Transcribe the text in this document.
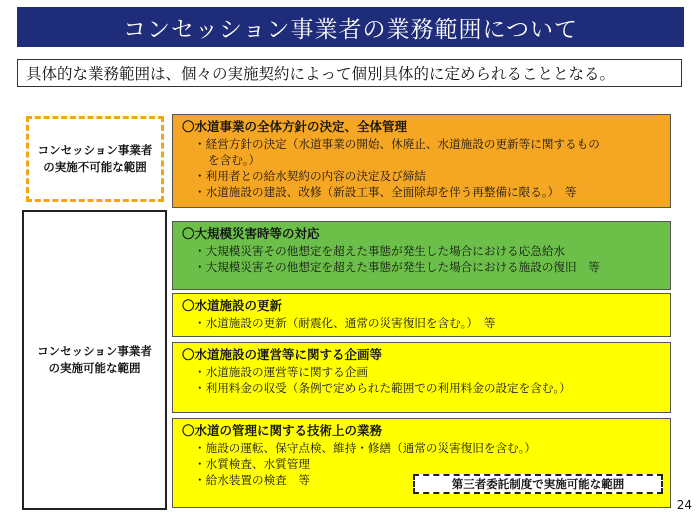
コンセッション事業者の業務範囲について
具体的な業務範囲は、個々の実施契約によって個別具体的に定められることとなる。
コンセッション事業者
の実施不可能な範囲
コンセッション事業者
の実施可能な範囲
〇水道事業の全体方針の決定、全体管理
・経営方針の決定（水道事業の開始、休廃止、水道施設の更新等に関するもの
を含む。）
・利用者との給水契約の内容の決定及び締結
・水道施設の建設、改修（新設工事、全面除却を伴う再整備に限る。）　等
〇大規模災害時等の対応
・大規模災害その他想定を超えた事態が発生した場合における応急給水
・大規模災害その他想定を超えた事態が発生した場合における施設の復旧　等
〇水道施設の更新
・水道施設の更新（耐震化、通常の災害復旧を含む。）　等
〇水道施設の運営等に関する企画等
・水道施設の運営等に関する企画
・利用料金の収受（条例で定められた範囲での利用料金の設定を含む。）
〇水道の管理に関する技術上の業務
・施設の運転、保守点検、維持・修繕（通常の災害復旧を含む。）
・水質検査、水質管理
・給水装置の検査　等	第三者委託制度で実施可能な範囲
24
